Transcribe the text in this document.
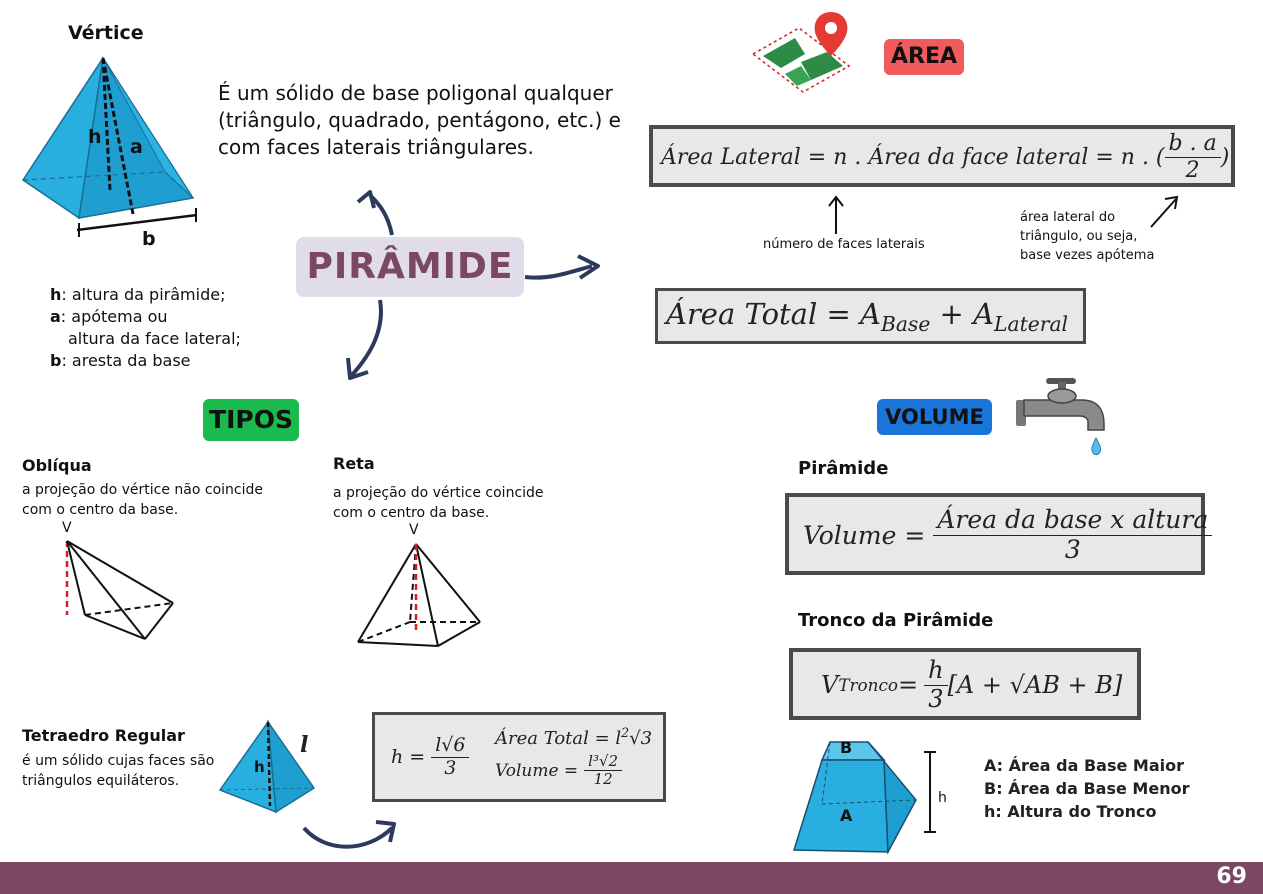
Vértice
h a
b
É um sólido de base poligonal qualquer
(triângulo, quadrado, pentágono, etc.) e
com faces laterais triângulares.
h: altura da pirâmide;
a: apótema ou
altura da face lateral;
b: aresta da base
PIRÂMIDE
TIPOS
Oblíqua
a projeção do vértice não coincide
com o centro da base.
V
Reta
a projeção do vértice coincide
com o centro da base.
V
Tetraedro Regular
é um sólido cujas faces são
triângulos equiláteros.
h
l	$h = \frac{l√6}{3}$ Área Total = $l^2√3$
Volume = $\frac{\text{l³√2}}{12}$
ÁREA
Área Lateral = n . Área da face lateral = n . ( $\frac{b . a}{2}$ )
número de faces laterais
área lateral do
triângulo, ou seja,
base vezes apótema
Área Total = $A_{Base} + A_{Lateral}$
VOLUME
Pirâmide
Volume = $\frac{\text{Área da base x altura}}{3}$
Tronco da Pirâmide
V Tronco = $\frac{h}{3} [A + √AB + B]$
B
A
h
A: Área da Base Maior
B: Área da Base Menor
h: Altura do Tronco
69
